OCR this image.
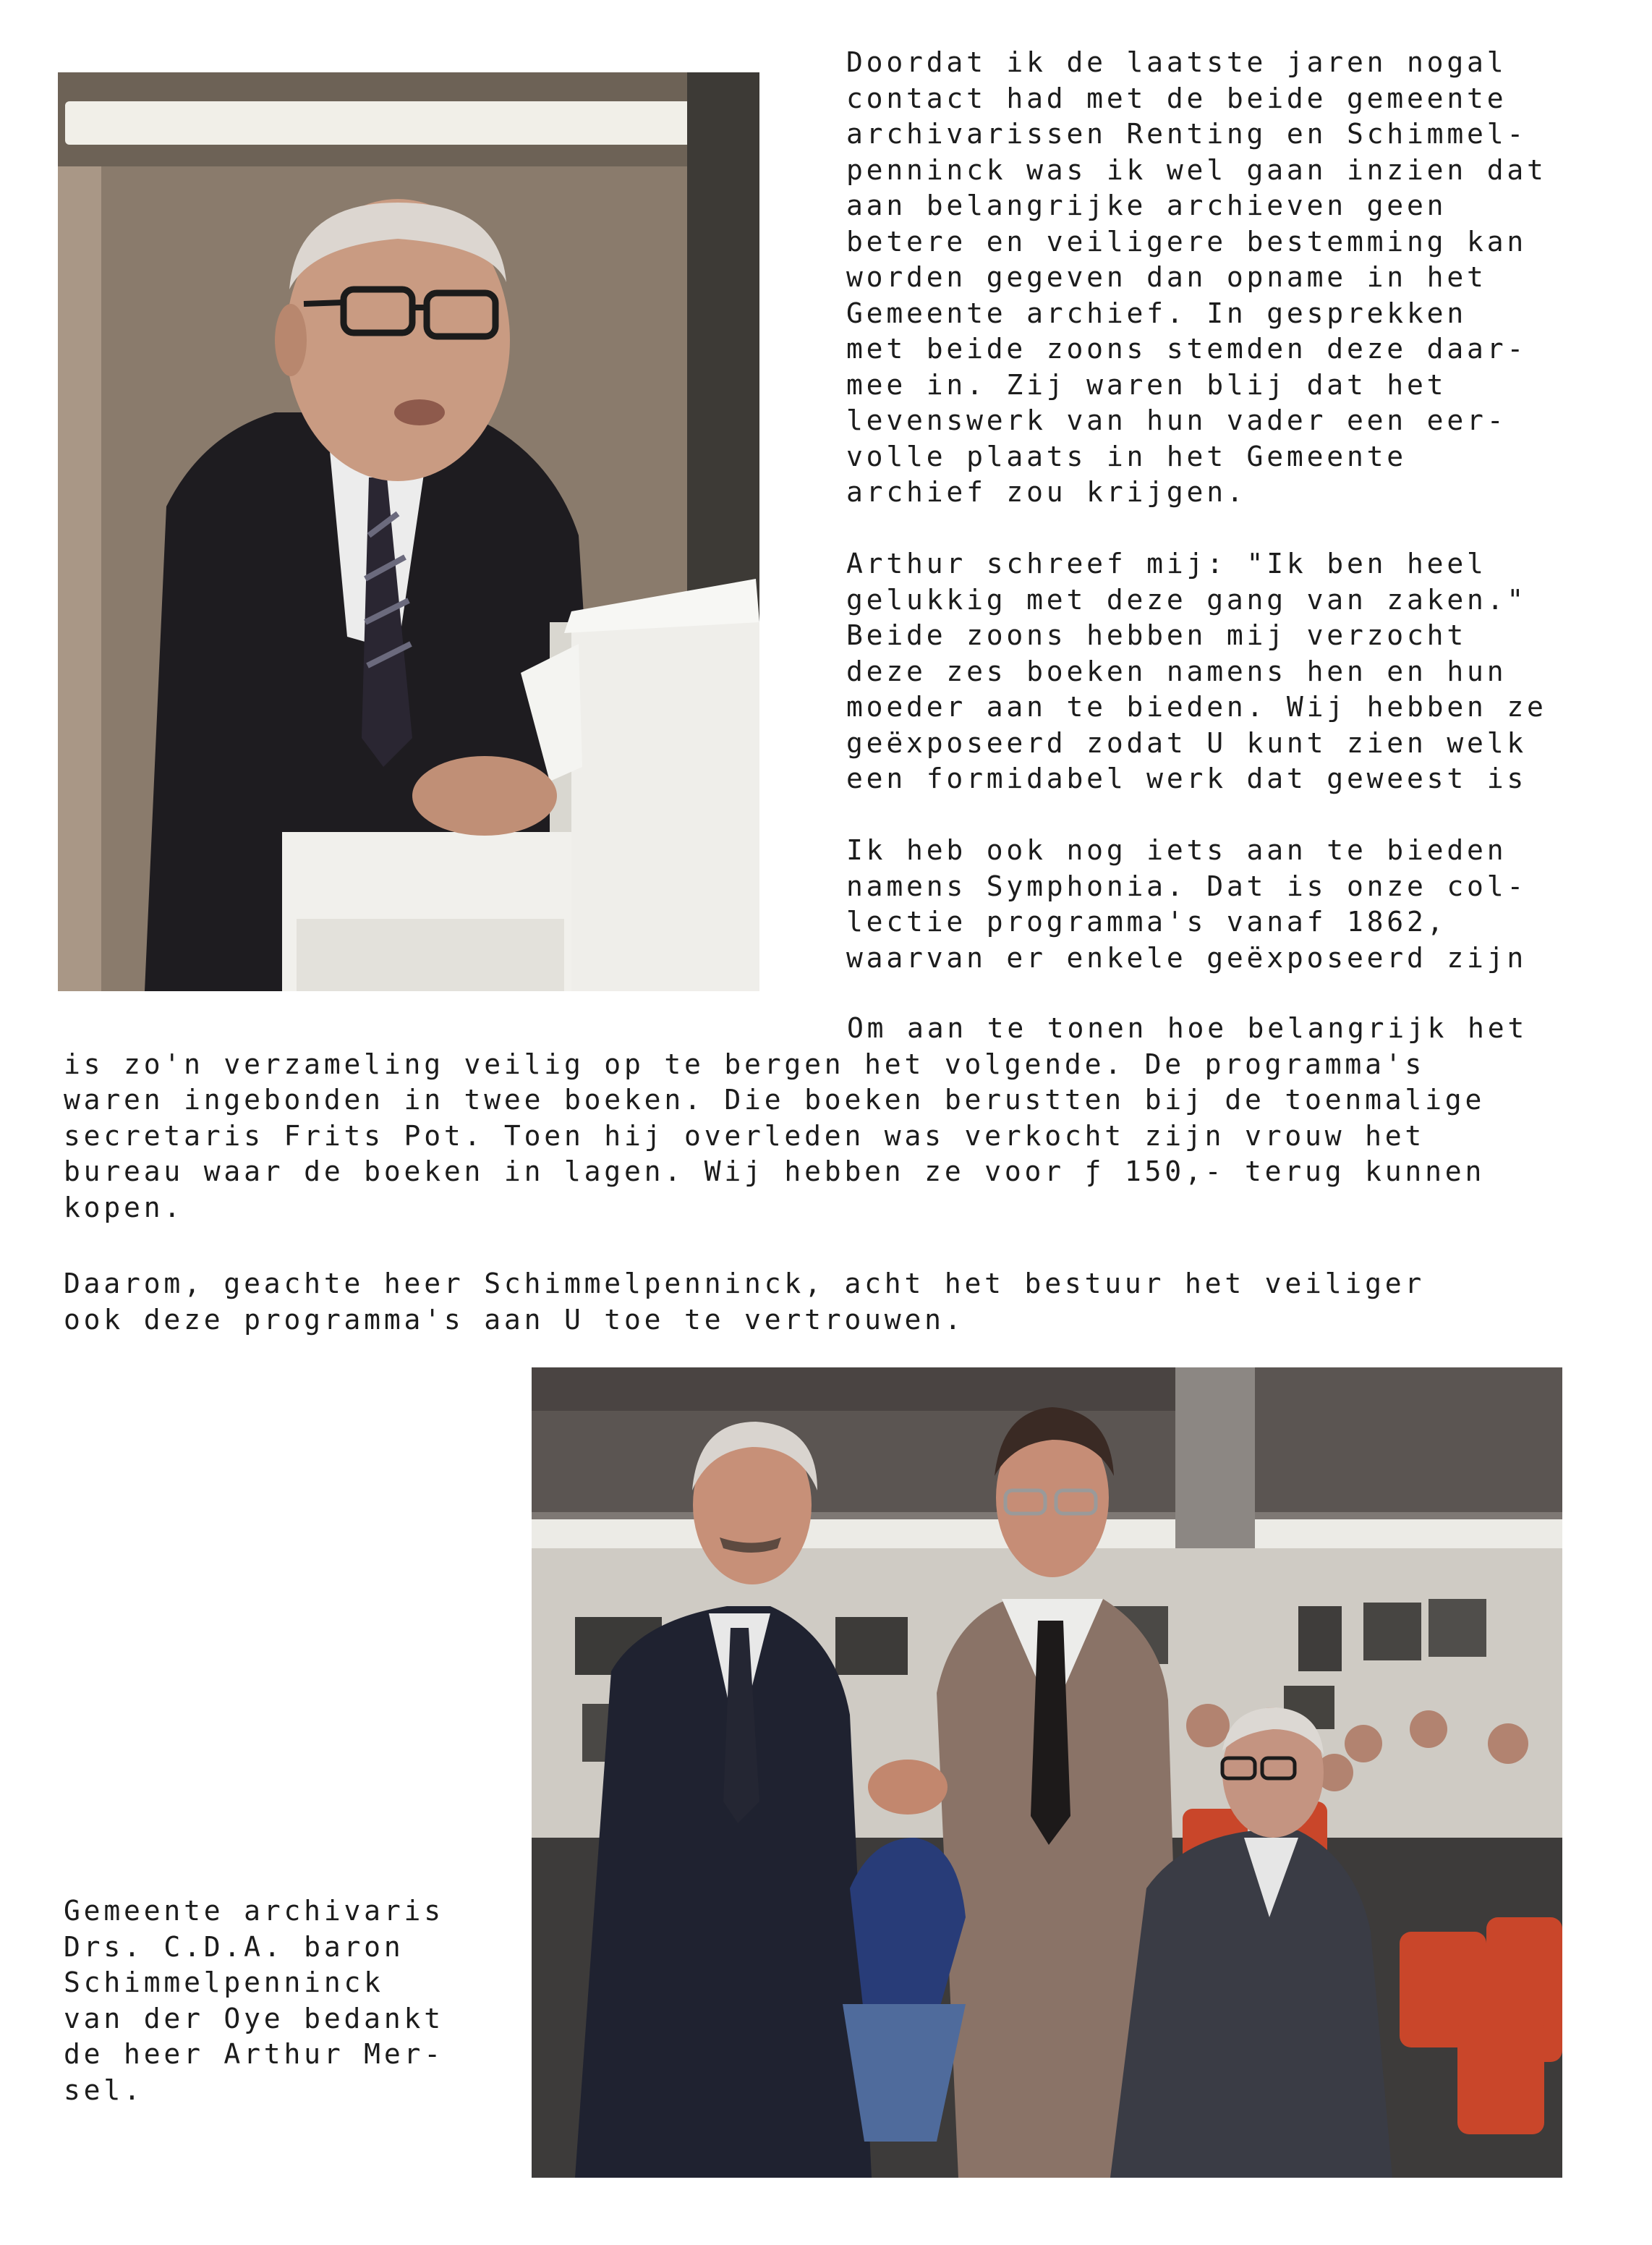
Doordat ik de laatste jaren nogal
contact had met de beide gemeente
archivarissen Renting en Schimmel-
penninck was ik wel gaan inzien dat
aan belangrijke archieven geen
betere en veiligere bestemming kan
worden gegeven dan opname in het
Gemeente archief. In gesprekken
met beide zoons stemden deze daar-
mee in. Zij waren blij dat het
levenswerk van hun vader een eer-
volle plaats in het Gemeente
archief zou krijgen.
Arthur schreef mij: "Ik ben heel
gelukkig met deze gang van zaken."
Beide zoons hebben mij verzocht
deze zes boeken namens hen en hun
moeder aan te bieden. Wij hebben ze
geëxposeerd zodat U kunt zien welk
een formidabel werk dat geweest is
Ik heb ook nog iets aan te bieden
namens Symphonia. Dat is onze col-
lectie programma's vanaf 1862,
waarvan er enkele geëxposeerd zijn
Om aan te tonen hoe belangrijk het
is zo'n verzameling veilig op te bergen het volgende. De programma's
waren ingebonden in twee boeken. Die boeken berustten bij de toenmalige
secretaris Frits Pot. Toen hij overleden was verkocht zijn vrouw het
bureau waar de boeken in lagen. Wij hebben ze voor ƒ 150,- terug kunnen
kopen.
Daarom, geachte heer Schimmelpenninck, acht het bestuur het veiliger
ook deze programma's aan U toe te vertrouwen.
Gemeente archivaris
Drs. C.D.A. baron
Schimmelpenninck
van der Oye bedankt
de heer Arthur Mer-
sel.
